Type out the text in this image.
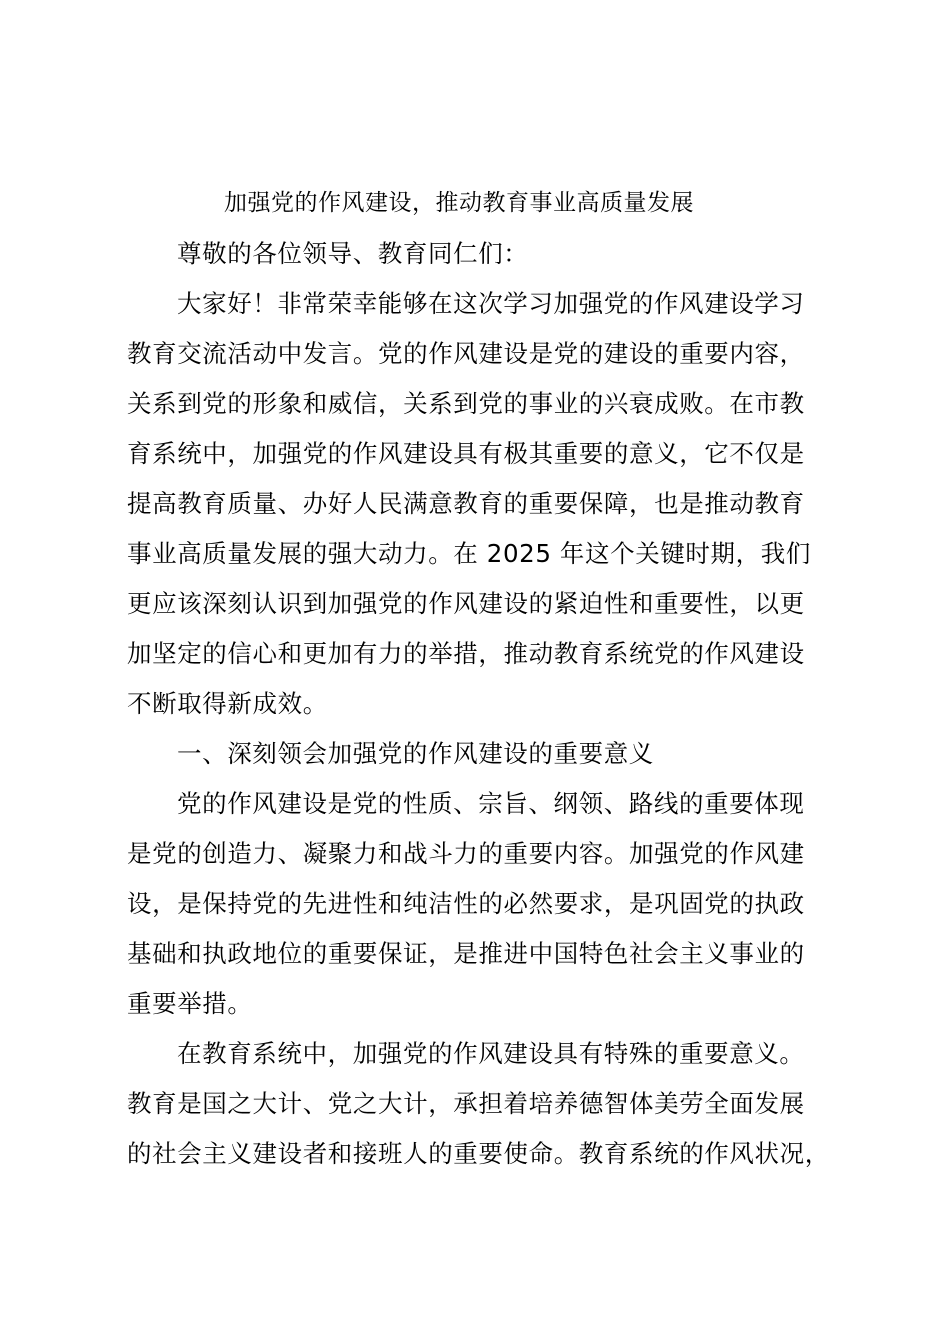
加强党的作风建设，推动教育事业高质量发展
尊敬的各位领导、教育同仁们：
大家好！非常荣幸能够在这次学习加强党的作风建设学习
教育交流活动中发言。党的作风建设是党的建设的重要内容，
关系到党的形象和威信，关系到党的事业的兴衰成败。在市教
育系统中，加强党的作风建设具有极其重要的意义，它不仅是
提高教育质量、办好人民满意教育的重要保障，也是推动教育
事业高质量发展的强大动力。在 2025 年这个关键时期，我们
更应该深刻认识到加强党的作风建设的紧迫性和重要性，以更
加坚定的信心和更加有力的举措，推动教育系统党的作风建设
不断取得新成效。
一、深刻领会加强党的作风建设的重要意义
党的作风建设是党的性质、宗旨、纲领、路线的重要体现
是党的创造力、凝聚力和战斗力的重要内容。加强党的作风建
设，是保持党的先进性和纯洁性的必然要求，是巩固党的执政
基础和执政地位的重要保证，是推进中国特色社会主义事业的
重要举措。
在教育系统中，加强党的作风建设具有特殊的重要意义。
教育是国之大计、党之大计，承担着培养德智体美劳全面发展
的社会主义建设者和接班人的重要使命。教育系统的作风状况，
